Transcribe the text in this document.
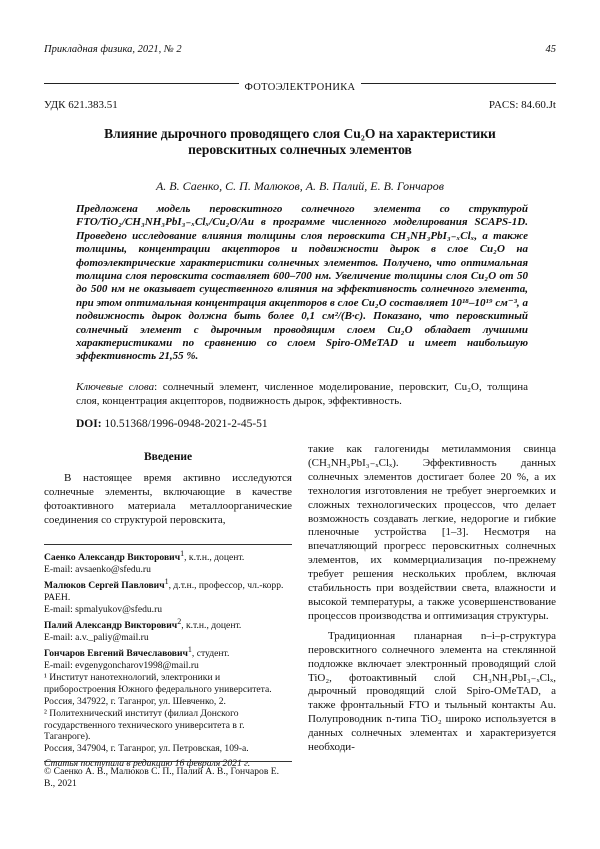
Прикладная физика, 2021, № 2	45
ФОТОЭЛЕКТРОНИКА
УДК 621.383.51	PACS: 84.60.Jt
Влияние дырочного проводящего слоя Cu₂O на характеристики
перовскитных солнечных элементов
А. В. Саенко, С. П. Малюков, А. В. Палий, Е. В. Гончаров
Предложена модель перовскитного солнечного элемента со структурой FTO/TiO₂/CH₃NH₃PbI₃₋ₓClₓ/Cu₂O/Au в программе численного моделирования SCAPS-1D. Проведено исследование влияния толщины слоя перовскита CH₃NH₃PbI₃₋ₓClₓ, а также толщины, концентрации акцепторов и подвижности дырок в слое Cu₂O на фотоэлектрические характеристики солнечных элементов. Получено, что оптимальная толщина слоя перовскита составляет 600–700 нм. Увеличение толщины слоя Cu₂O от 50 до 500 нм не оказывает существенного влияния на эффективность солнечного элемента, при этом оптимальная концентрация акцепторов в слое Cu₂O составляет 10¹⁸–10¹⁹ см⁻³, а подвижность дырок должна быть более 0,1 см²/(В·с). Показано, что перовскитный солнечный элемент с дырочным проводящим слоем Cu₂O обладает лучшими характеристиками по сравнению со слоем Spiro-OMeTAD и имеет наибольшую эффективность 21,55 %.
Ключевые слова: солнечный элемент, численное моделирование, перовскит, Cu₂O, толщина слоя, концентрация акцепторов, подвижность дырок, эффективность.
DOI: 10.51368/1996-0948-2021-2-45-51
Введение
В настоящее время активно исследуются солнечные элементы, включающие в качестве фотоактивного материала металлоорганические соединения со структурой перовскита,

Саенко Александр Викторович$^1$, к.т.н., доцент.

E-mail: avsaenko@sfedu.ru

Малюков Сергей Павлович$^1$, д.т.н., профессор, чл.-корр. РАЕН.

E-mail: spmalyukov@sfedu.ru

Палий Александр Викторович$^2$, к.т.н., доцент.

E-mail: a.v._paliy@mail.ru

Гончаров Евгений Вячеславович$^1$, студент.

E-mail: evgenygoncharov1998@mail.ru

¹ Институт нанотехнологий, электроники и приборостроения Южного федерального университета.

Россия, 347922, г. Таганрог, ул. Шевченко, 2.

² Политехнический институт (филиал Донского государственного технического университета в г. Таганроге).

Россия, 347904, г. Таганрог, ул. Петровская, 109-а.

Статья поступила в редакцию 16 февраля 2021 г.

© Саенко А. В., Малюков С. П., Палий А. В., Гончаров Е. В., 2021

такие как галогениды метиламмония свинца (CH₃NH₃PbI₃₋ₓClₓ). Эффективность данных солнечных элементов достигает более 20 %, а их технология изготовления не требует энергоемких и сложных технологических процессов, что делает возможность создавать легкие, недорогие и гибкие пленочные устройства [1–3]. Несмотря на впечатляющий прогресс перовскитных солнечных элементов, их коммерциализация по-прежнему требует решения нескольких проблем, включая стабильность при воздействии света, влажности и высокой температуры, а также усовершенствование процессов производства и оптимизация структуры.

Традиционная планарная n–i–p-структура перовскитного солнечного элемента на стеклянной подложке включает электронный проводящий слой TiO₂, фотоактивный слой CH₃NH₃PbI₃₋ₓClₓ, дырочный проводящий слой Spiro-OMeTAD, а также фронтальный FTO и тыльный контакты Au. Полупроводник n-типа TiO₂ широко используется в данных солнечных элементах и характеризуется необходи-
